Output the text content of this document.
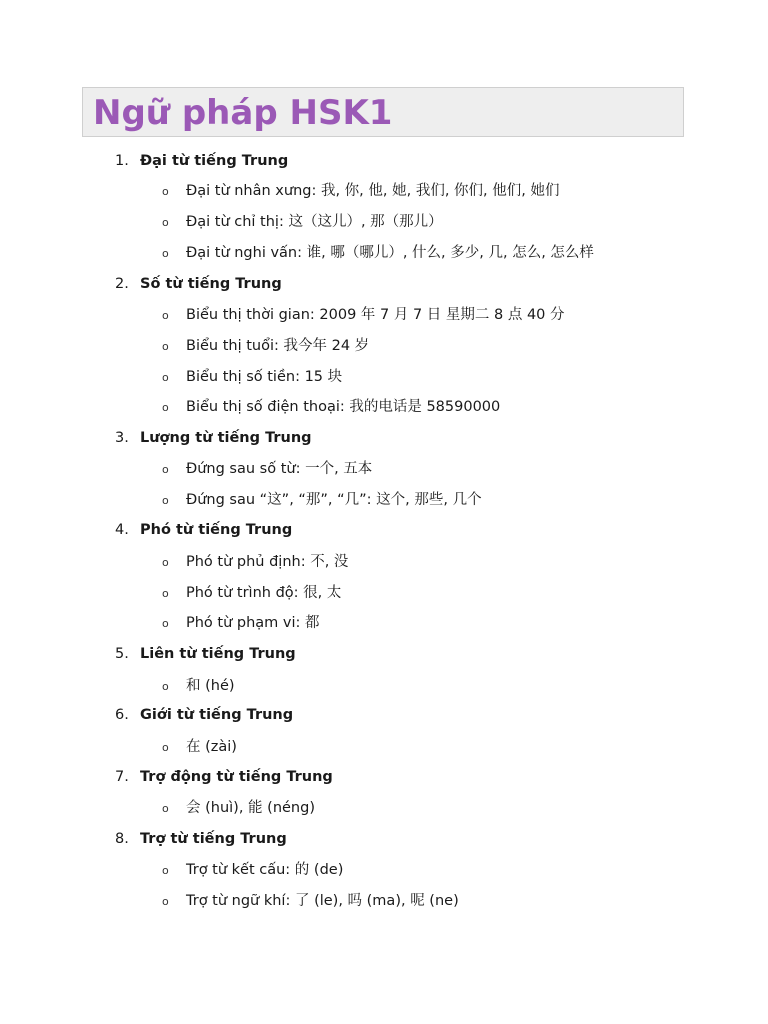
Ngữ pháp HSK1
1. Đại từ tiếng Trung
o Đại từ nhân xưng: 我, 你, 他, 她, 我们, 你们, 他们, 她们
o Đại từ chỉ thị: 这（这儿）, 那（那儿）
o Đại từ nghi vấn: 谁, 哪（哪儿）, 什么, 多少, 几, 怎么, 怎么样
2. Số từ tiếng Trung
o Biểu thị thời gian: 2009 年 7 月 7 日 星期二 8 点 40 分
o Biểu thị tuổi: 我今年 24 岁
o Biểu thị số tiền: 15 块
o Biểu thị số điện thoại: 我的电话是 58590000
3. Lượng từ tiếng Trung
o Đứng sau số từ: 一个, 五本
o Đứng sau “这”, “那”, “几”: 这个, 那些, 几个
4. Phó từ tiếng Trung
o Phó từ phủ định: 不, 没
o Phó từ trình độ: 很, 太
o Phó từ phạm vi: 都
5. Liên từ tiếng Trung
o 和 (hé)
6. Giới từ tiếng Trung
o 在 (zài)
7. Trợ động từ tiếng Trung
o 会 (huì), 能 (néng)
8. Trợ từ tiếng Trung
o Trợ từ kết cấu: 的 (de)
o Trợ từ ngữ khí: 了 (le), 吗 (ma), 呢 (ne)
